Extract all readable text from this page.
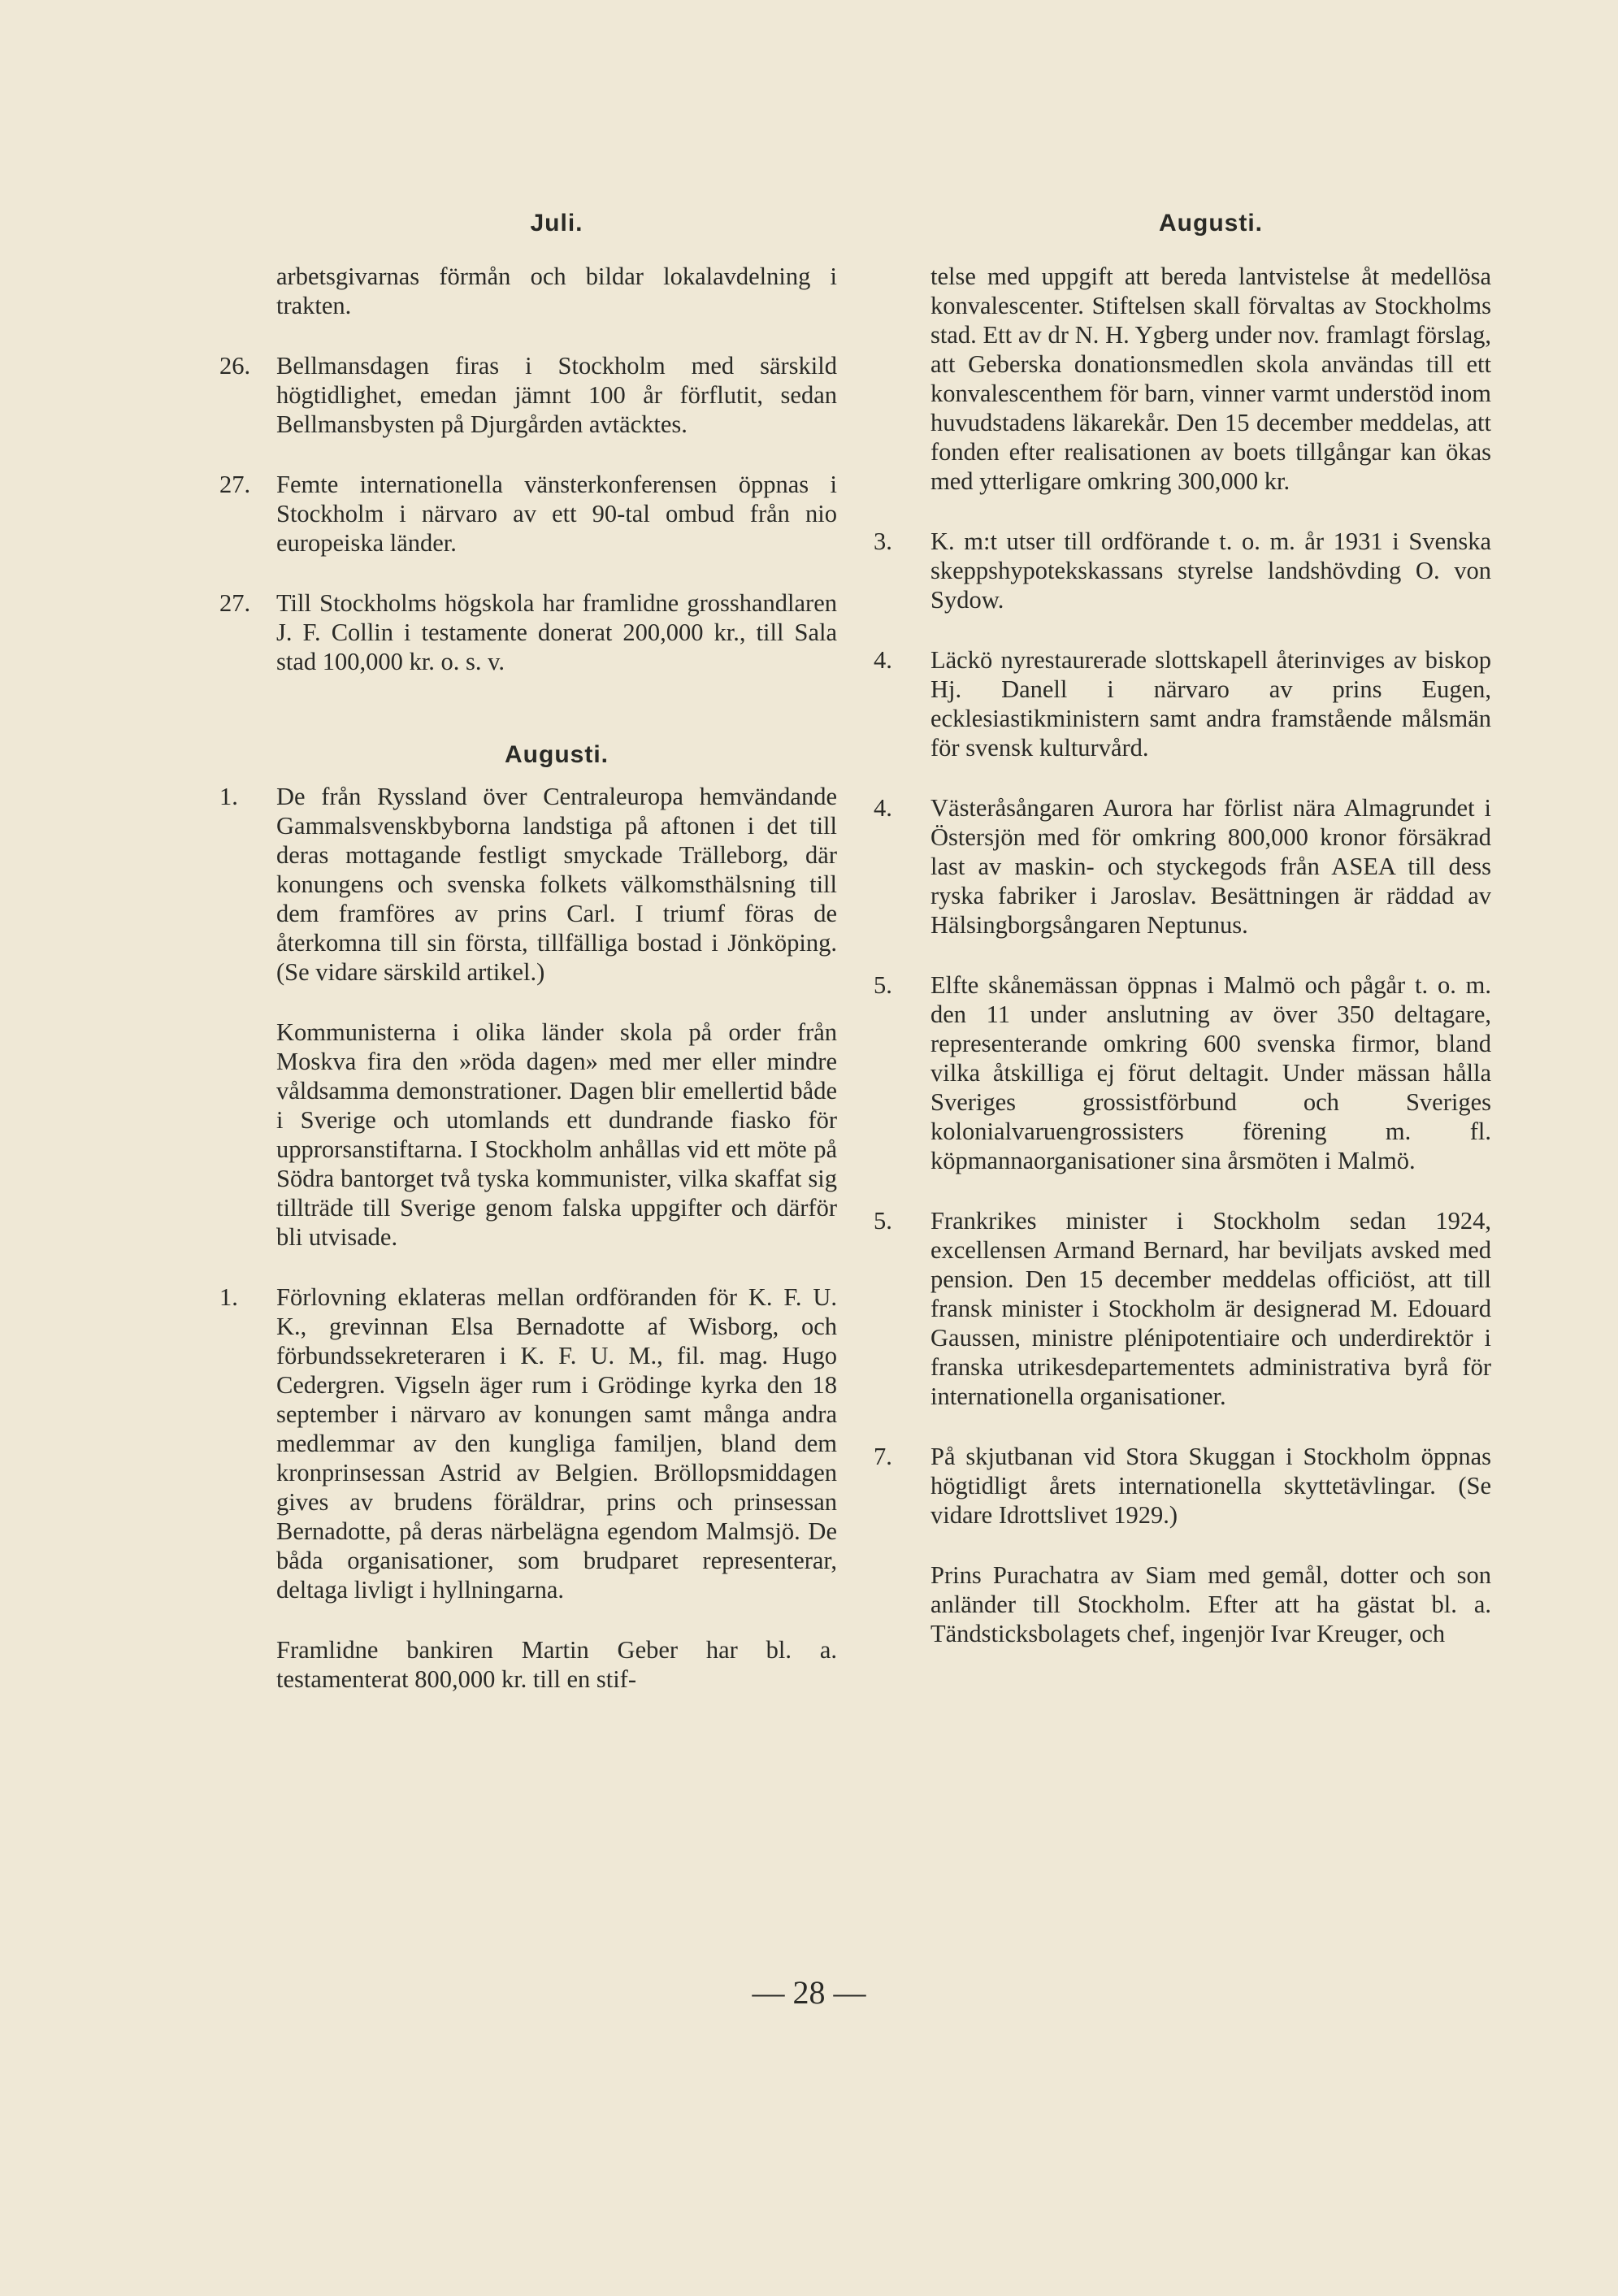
Juli.

arbetsgivarnas förmån och bildar lokalavdelning i trakten.

26.	Bellmansdagen firas i Stockholm med särskild högtidlighet, emedan jämnt 100 år förflutit, sedan Bellmansbysten på Djurgården avtäcktes.
27.	Femte internationella vänsterkonferensen öppnas i Stockholm i närvaro av ett 90-tal ombud från nio europeiska länder.
27.	Till Stockholms högskola har framlidne grosshandlaren J. F. Collin i testamente donerat 200,000 kr., till Sala stad 100,000 kr. o. s. v.
Augusti.
1.	De från Ryssland över Centraleuropa hemvändande Gammalsvenskbyborna landstiga på aftonen i det till deras mottagande festligt smyckade Trälleborg, där konungens och svenska folkets välkomsthälsning till dem framföres av prins Carl. I triumf föras de återkomna till sin första, tillfälliga bostad i Jönköping. (Se vidare särskild artikel.)
Kommunisterna i olika länder skola på order från Moskva fira den »röda dagen» med mer eller mindre våldsamma demonstrationer. Dagen blir emellertid både i Sverige och utomlands ett dundrande fiasko för upprorsanstiftarna. I Stockholm anhållas vid ett möte på Södra bantorget två tyska kommunister, vilka skaffat sig tillträde till Sverige genom falska uppgifter och därför bli utvisade.
1.	Förlovning eklateras mellan ordföranden för K. F. U. K., grevinnan Elsa Bernadotte af Wisborg, och förbundssekreteraren i K. F. U. M., fil. mag. Hugo Cedergren. Vigseln äger rum i Grödinge kyrka den 18 september i närvaro av konungen samt många andra medlemmar av den kungliga familjen, bland dem kronprinsessan Astrid av Belgien. Bröllopsmiddagen gives av brudens föräldrar, prins och prinsessan Bernadotte, på deras närbelägna egendom Malmsjö. De båda organisationer, som brudparet representerar, deltaga livligt i hyllningarna.
Framlidne bankiren Martin Geber har bl. a. testamenterat 800,000 kr. till en stif-
Augusti.

telse med uppgift att bereda lantvistelse åt medellösa konvalescenter. Stiftelsen skall förvaltas av Stockholms stad. Ett av dr N. H. Ygberg under nov. framlagt förslag, att Geberska donationsmedlen skola användas till ett konvalescenthem för barn, vinner varmt understöd inom huvudstadens läkarekår. Den 15 december meddelas, att fonden efter realisationen av boets tillgångar kan ökas med ytterligare omkring 300,000 kr.

3.	K. m:t utser till ordförande t. o. m. år 1931 i Svenska skeppshypotekskassans styrelse landshövding O. von Sydow.
4.	Läckö nyrestaurerade slottskapell återinviges av biskop Hj. Danell i närvaro av prins Eugen, ecklesiastikministern samt andra framstående målsmän för svensk kulturvård.
4.	Västeråsångaren Aurora har förlist nära Almagrundet i Östersjön med för omkring 800,000 kronor försäkrad last av maskin- och styckegods från ASEA till dess ryska fabriker i Jaroslav. Besättningen är räddad av Hälsingborgsångaren Neptunus.
5.	Elfte skånemässan öppnas i Malmö och pågår t. o. m. den 11 under anslutning av över 350 deltagare, representerande omkring 600 svenska firmor, bland vilka åtskilliga ej förut deltagit. Under mässan hålla Sveriges grossistförbund och Sveriges kolonialvaruengrossisters förening m. fl. köpmannaorganisationer sina årsmöten i Malmö.
5.	Frankrikes minister i Stockholm sedan 1924, excellensen Armand Bernard, har beviljats avsked med pension. Den 15 december meddelas officiöst, att till fransk minister i Stockholm är designerad M. Edouard Gaussen, ministre plénipotentiaire och underdirektör i franska utrikesdepartementets administrativa byrå för internationella organisationer.
7.	På skjutbanan vid Stora Skuggan i Stockholm öppnas högtidligt årets internationella skyttetävlingar. (Se vidare Idrottslivet 1929.)
Prins Purachatra av Siam med gemål, dotter och son anländer till Stockholm. Efter att ha gästat bl. a. Tändsticksbolagets chef, ingenjör Ivar Kreuger, och
— 28 —
